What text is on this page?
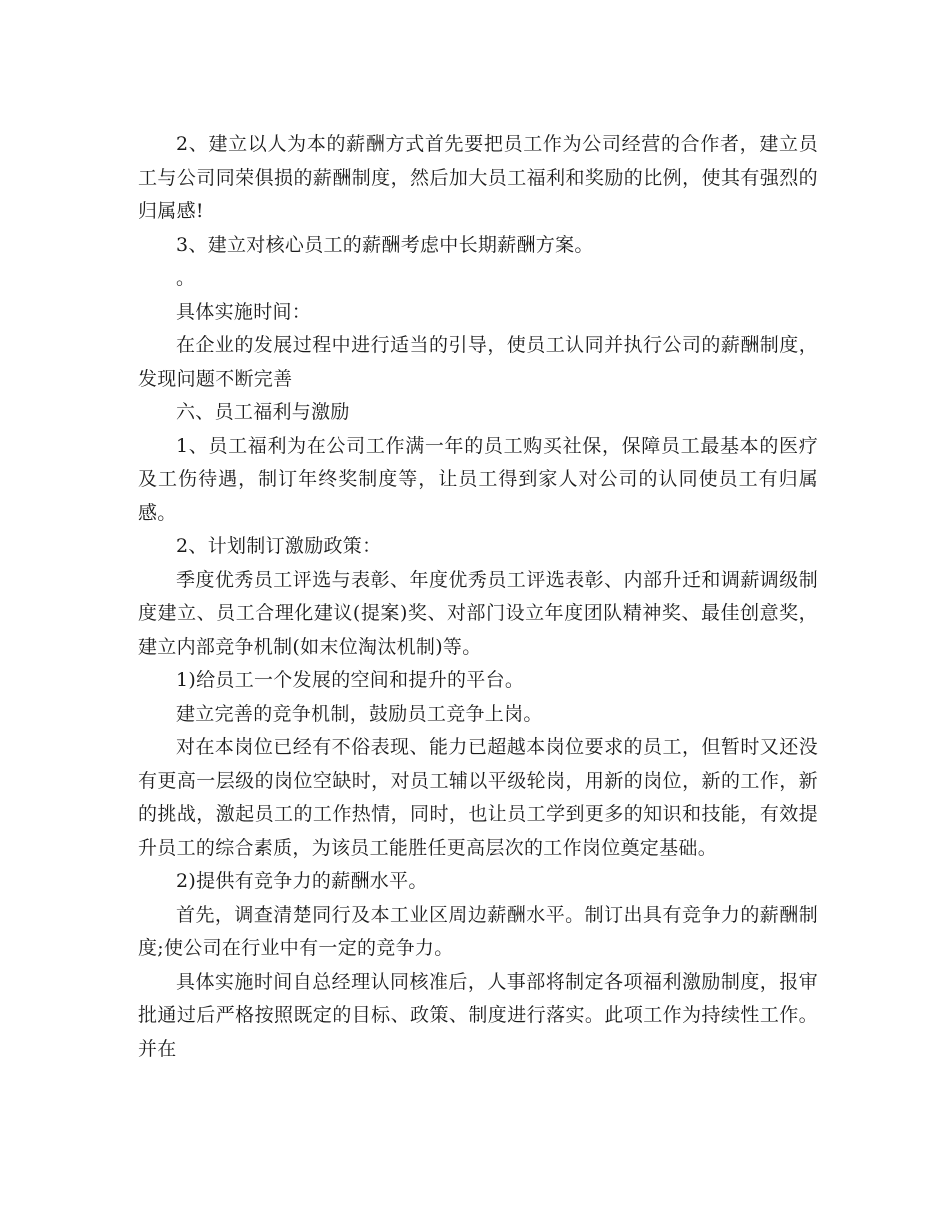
2、建立以人为本的薪酬方式首先要把员工作为公司经营的合作者，建立员工与公司同荣俱损的薪酬制度，然后加大员工福利和奖励的比例，使其有强烈的归属感!

3、建立对核心员工的薪酬考虑中长期薪酬方案。

。

具体实施时间：

在企业的发展过程中进行适当的引导，使员工认同并执行公司的薪酬制度，发现问题不断完善

六、员工福利与激励

1、员工福利为在公司工作满一年的员工购买社保，保障员工最基本的医疗及工伤待遇，制订年终奖制度等，让员工得到家人对公司的认同使员工有归属感。

2、计划制订激励政策：

季度优秀员工评选与表彰、年度优秀员工评选表彰、内部升迁和调薪调级制度建立、员工合理化建议(提案)奖、对部门设立年度团队精神奖、最佳创意奖，建立内部竞争机制(如末位淘汰机制)等。

1)给员工一个发展的空间和提升的平台。

建立完善的竞争机制，鼓励员工竞争上岗。

对在本岗位已经有不俗表现、能力已超越本岗位要求的员工，但暂时又还没有更高一层级的岗位空缺时，对员工辅以平级轮岗，用新的岗位，新的工作，新的挑战，激起员工的工作热情，同时，也让员工学到更多的知识和技能，有效提升员工的综合素质，为该员工能胜任更高层次的工作岗位奠定基础。

2)提供有竞争力的薪酬水平。

首先，调查清楚同行及本工业区周边薪酬水平。制订出具有竞争力的薪酬制度;使公司在行业中有一定的竞争力。

具体实施时间自总经理认同核准后，人事部将制定各项福利激励制度，报审批通过后严格按照既定的目标、政策、制度进行落实。此项工作为持续性工作。并在
